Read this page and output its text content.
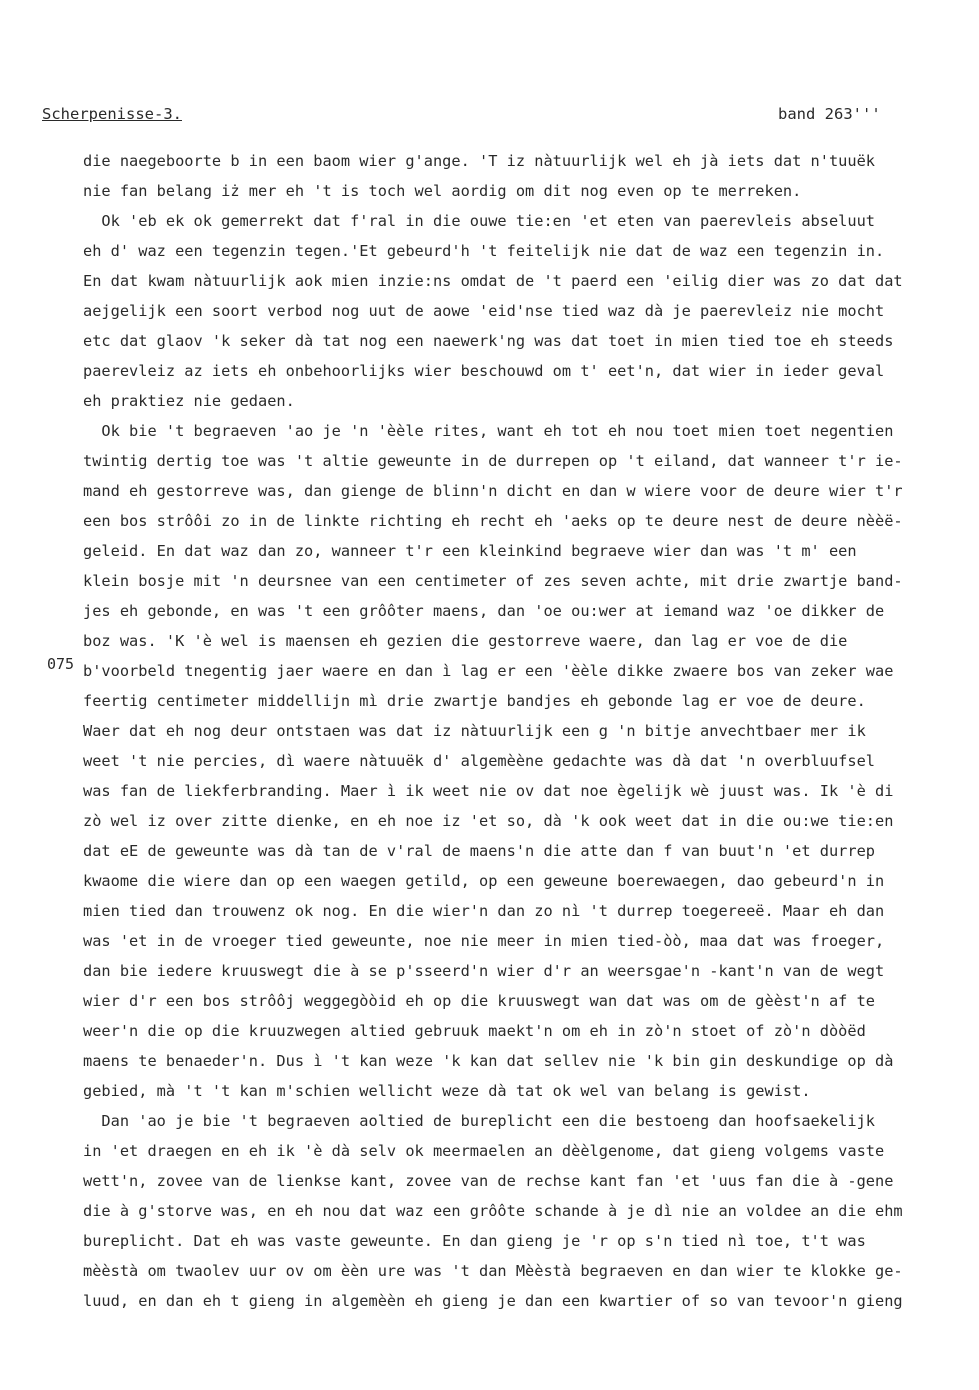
Scherpenisse-3.	band 263'''
075
die naegeboorte b in een baom wier g'ange. 'T iz nàtuurlijk wel eh jà iets dat n'tuuëk
nie fan belang iż mer eh 't is toch wel aordig om dit nog even op te merreken.
Ok 'eb ek ok gemerrekt dat f'ral in die ouwe tie:en 'et eten van paerevleis abseluut
eh d' waz een tegenzin tegen.'Et gebeurd'h 't feitelijk nie dat de waz een tegenzin in.
En dat kwam nàtuurlijk aok mien inzie:ns omdat de 't paerd een 'eilig dier was zo dat dat
aejgelijk een soort verbod nog uut de aowe 'eid'nse tied waz dà je paerevleiz nie mocht
etc dat glaov 'k seker dà tat nog een naewerk'ng was dat toet in mien tied toe eh steeds
paerevleiz az iets eh onbehoorlijks wier beschouwd om t' eet'n, dat wier in ieder geval
eh praktiez nie gedaen.
Ok bie 't begraeven 'ao je 'n 'èèle rites, want eh tot eh nou toet mien toet negentien
twintig dertig toe was 't altie geweunte in de durrepen op 't eiland, dat wanneer t'r ie-
mand eh gestorreve was, dan gienge de blinn'n dicht en dan w wiere voor de deure wier t'r
een bos strôôi zo in de linkte richting eh recht eh 'aeks op te deure nest de deure nèèë-
geleid. En dat waz dan zo, wanneer t'r een kleinkind begraeve wier dan was 't m' een
klein bosje mit 'n deursnee van een centimeter of zes seven achte, mit drie zwartje band-
jes eh gebonde, en was 't een grôôter maens, dan 'oe ou:wer at iemand waz 'oe dikker de
boz was. 'K 'è wel is maensen eh gezien die gestorreve waere, dan lag er voe de die
b'voorbeld tnegentig jaer waere en dan ì lag er een 'èèle dikke zwaere bos van zeker wae
feertig centimeter middellijn mì drie zwartje bandjes eh gebonde lag er voe de deure.
Waer dat eh nog deur ontstaen was dat iz nàtuurlijk een g 'n bitje anvechtbaer mer ik
weet 't nie percies, dì waere nàtuuëk d' algemèène gedachte was dà dat 'n overbluufsel
was fan de liekferbranding. Maer ì ik weet nie ov dat noe ègelijk wè juust was. Ik 'è di
zò wel iz over zitte dienke, en eh noe iz 'et so, dà 'k ook weet dat in die ou:we tie:en
dat eE de geweunte was dà tan de v'ral de maens'n die atte dan f van buut'n 'et durrep
kwaome die wiere dan op een waegen getild, op een geweune boerewaegen, dao gebeurd'n in
mien tied dan trouwenz ok nog. En die wier'n dan zo nì 't durrep toegereeë. Maar eh dan
was 'et in de vroeger tied geweunte, noe nie meer in mien tied-òò, maa dat was froeger,
dan bie iedere kruuswegt die à se p'sseerd'n wier d'r an weersgae'n -kant'n van de wegt
wier d'r een bos strôôj weggegòòid eh op die kruuswegt wan dat was om de gèèst'n af te
weer'n die op die kruuzwegen altied gebruuk maekt'n om eh in zò'n stoet of zò'n dòòëd
maens te benaeder'n. Dus ì 't kan weze 'k kan dat sellev nie 'k bin gin deskundige op dà
gebied, mà 't 't kan m'schien wellicht weze dà tat ok wel van belang is gewist.
Dan 'ao je bie 't begraeven aoltied de bureplicht een die bestoeng dan hoofsaekelijk
in 'et draegen en eh ik 'è dà selv ok meermaelen an dèèlgenome, dat gieng volgems vaste
wett'n, zovee van de lienkse kant, zovee van de rechse kant fan 'et 'uus fan die à -gene
die à g'storve was, en eh nou dat waz een grôôte schande à je dì nie an voldee an die ehm
bureplicht. Dat eh was vaste geweunte. En dan gieng je 'r op s'n tied nì toe, t't was
mèèstà om twaolev uur ov om èèn ure was 't dan Mèèstà begraeven en dan wier te klokke ge-
luud, en dan eh t gieng in algemèèn eh gieng je dan een kwartier of so van tevoor'n gieng
